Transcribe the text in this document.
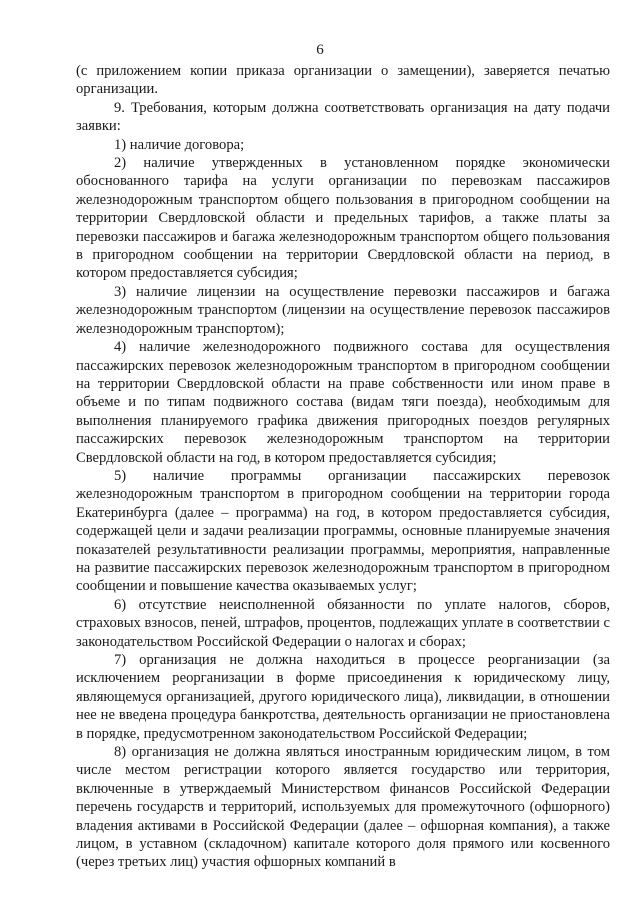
6

(с приложением копии приказа организации о замещении), заверяется печатью организации.

9. Требования, которым должна соответствовать организация на дату подачи заявки:

1) наличие договора;

2) наличие утвержденных в установленном порядке экономически обоснованного тарифа на услуги организации по перевозкам пассажиров железнодорожным транспортом общего пользования в пригородном сообщении на территории Свердловской области и предельных тарифов, а также платы за перевозки пассажиров и багажа железнодорожным транспортом общего пользования в пригородном сообщении на территории Свердловской области на период, в котором предоставляется субсидия;

3) наличие лицензии на осуществление перевозки пассажиров и багажа железнодорожным транспортом (лицензии на осуществление перевозок пассажиров железнодорожным транспортом);

4) наличие железнодорожного подвижного состава для осуществления пассажирских перевозок железнодорожным транспортом в пригородном сообщении на территории Свердловской области на праве собственности или ином праве в объеме и по типам подвижного состава (видам тяги поезда), необходимым для выполнения планируемого графика движения пригородных поездов регулярных пассажирских перевозок железнодорожным транспортом на территории Свердловской области на год, в котором предоставляется субсидия;

5) наличие программы организации пассажирских перевозок железнодорожным транспортом в пригородном сообщении на территории города Екатеринбурга (далее – программа) на год, в котором предоставляется субсидия, содержащей цели и задачи реализации программы, основные планируемые значения показателей результативности реализации программы, мероприятия, направленные на развитие пассажирских перевозок железнодорожным транспортом в пригородном сообщении и повышение качества оказываемых услуг;

6) отсутствие неисполненной обязанности по уплате налогов, сборов, страховых взносов, пеней, штрафов, процентов, подлежащих уплате в соответствии с законодательством Российской Федерации о налогах и сборах;

7) организация не должна находиться в процессе реорганизации (за исключением реорганизации в форме присоединения к юридическому лицу, являющемуся организацией, другого юридического лица), ликвидации, в отношении нее не введена процедура банкротства, деятельность организации не приостановлена в порядке, предусмотренном законодательством Российской Федерации;

8) организация не должна являться иностранным юридическим лицом, в том числе местом регистрации которого является государство или территория, включенные в утверждаемый Министерством финансов Российской Федерации перечень государств и территорий, используемых для промежуточного (офшорного) владения активами в Российской Федерации (далее – офшорная компания), а также лицом, в уставном (складочном) капитале которого доля прямого или косвенного (через третьих лиц) участия офшорных компаний в
